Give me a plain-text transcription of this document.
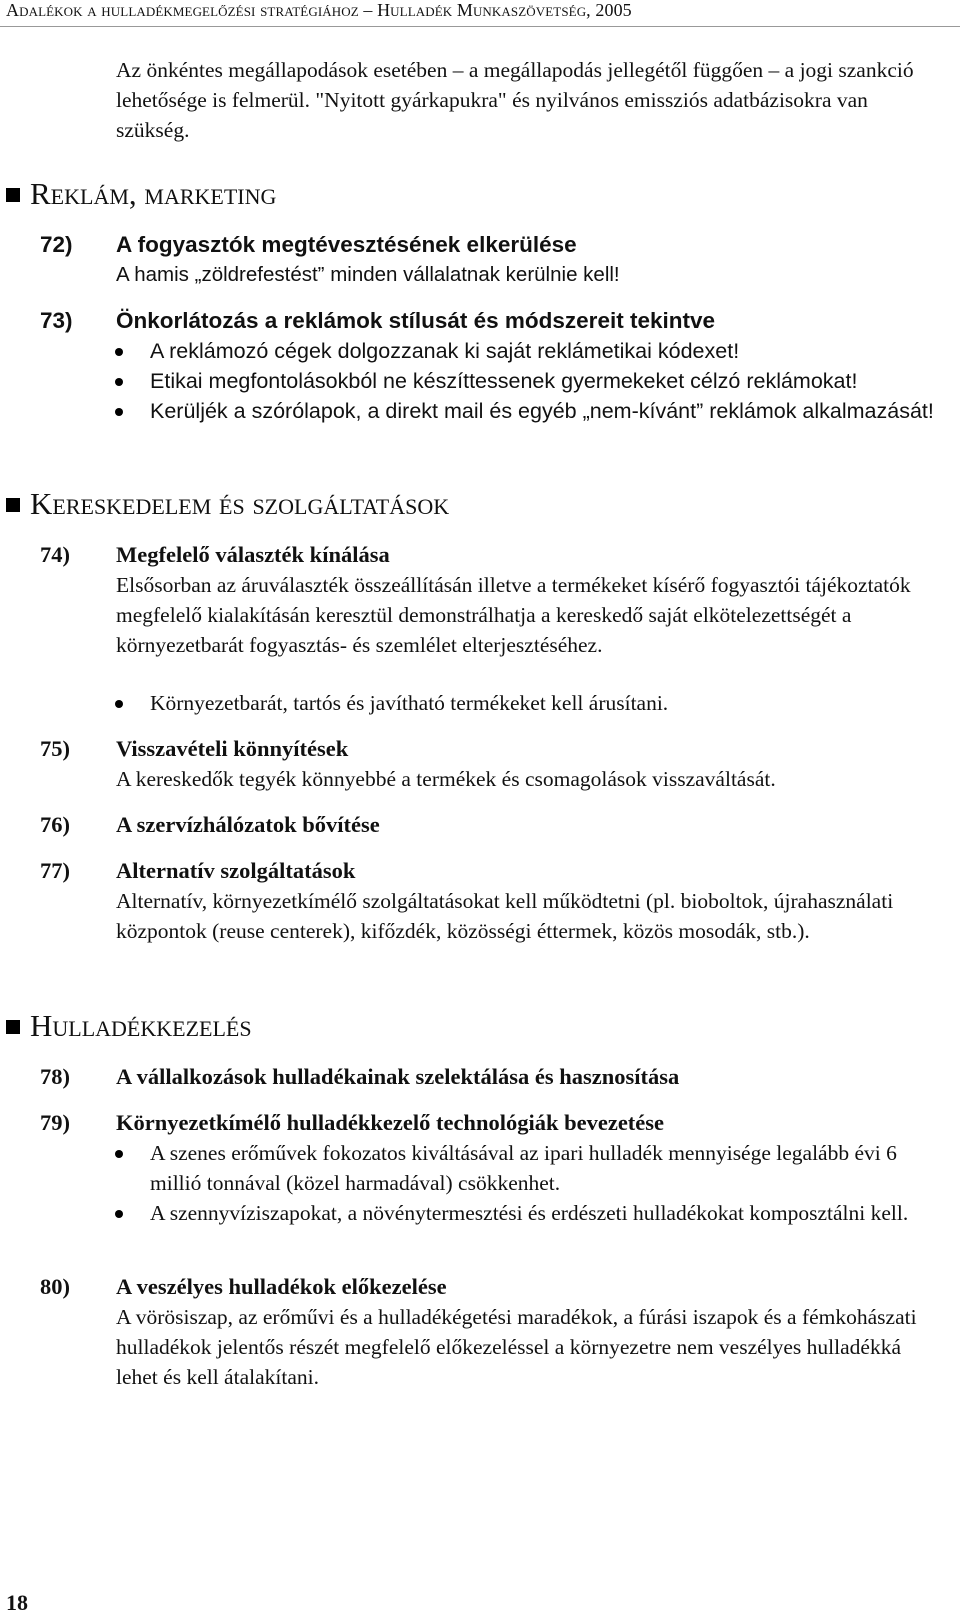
Adalékok a hulladékmegelőzési stratégiához – Hulladék Munkaszövetség, 2005

Az önkéntes megállapodások esetében – a megállapodás jellegétől függően – a jogi szankció lehetősége is felmerül. "Nyitott gyárkapukra" és nyilvános emissziós adatbázisokra van szükség.

Reklám, marketing
72) A fogyasztók megtévesztésének elkerülése

A hamis „zöldrefestést” minden vállalatnak kerülnie kell!

73) Önkorlátozás a reklámok stílusát és módszereit tekintve
A reklámozó cégek dolgozzanak ki saját reklámetikai kódexet!
Etikai megfontolásokból ne készíttessenek gyermekeket célzó reklámokat!
Kerüljék a szórólapok, a direkt mail és egyéb „nem-kívánt” reklámok alkalmazását!
Kereskedelem és szolgáltatások
74) Megfelelő választék kínálása

Elsősorban az áruválaszték összeállításán illetve a termékeket kísérő fogyasztói tájékoztatók megfelelő kialakításán keresztül demonstrálhatja a kereskedő saját elkötelezettségét a környezetbarát fogyasztás- és szemlélet elterjesztéséhez.

Környezetbarát, tartós és javítható termékeket kell árusítani.
75) Visszavételi könnyítések

A kereskedők tegyék könnyebbé a termékek és csomagolások visszaváltását.

76) A szervízhálózatok bővítése
77) Alternatív szolgáltatások

Alternatív, környezetkímélő szolgáltatásokat kell működtetni (pl. bioboltok, újrahasználati központok (reuse centerek), kifőzdék, közösségi éttermek, közös mosodák, stb.).

Hulladékkezelés
78) A vállalkozások hulladékainak szelektálása és hasznosítása
79) Környezetkímélő hulladékkezelő technológiák bevezetése
A szenes erőművek fokozatos kiváltásával az ipari hulladék mennyisége legalább évi 6 millió tonnával (közel harmadával) csökkenhet.
A szennyvíziszapokat, a növénytermesztési és erdészeti hulladékokat komposztálni kell.
80) A veszélyes hulladékok előkezelése

A vörösiszap, az erőművi és a hulladékégetési maradékok, a fúrási iszapok és a fémkohászati hulladékok jelentős részét megfelelő előkezeléssel a környezetre nem veszélyes hulladékká lehet és kell átalakítani.

18
